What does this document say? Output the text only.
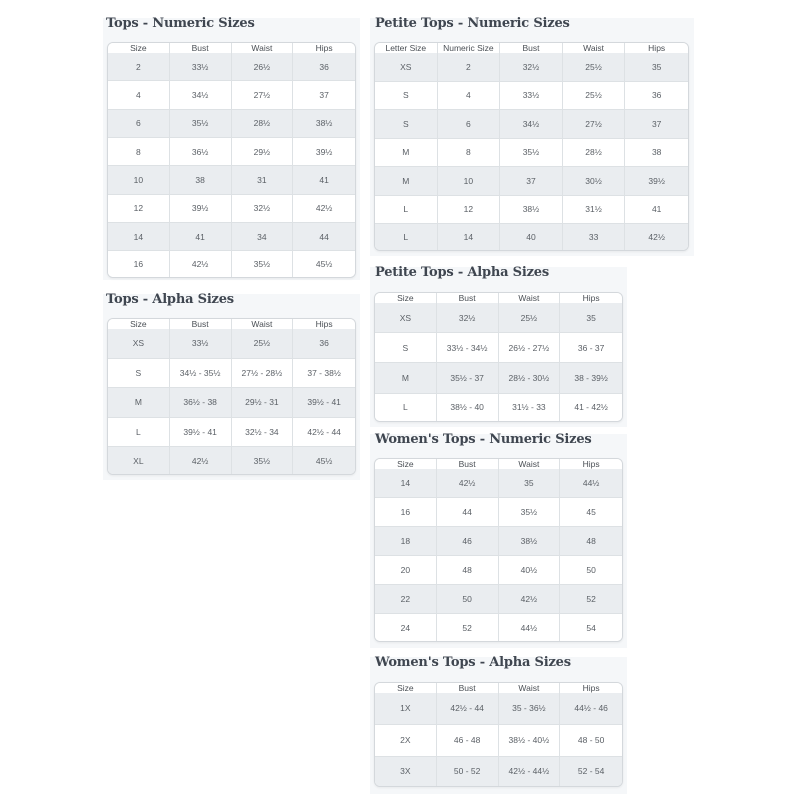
Tops - Numeric Sizes
Size	Bust	Waist	Hips
2	33½	26½	36
4	34½	27½	37
6	35½	28½	38½
8	36½	29½	39½
10	38	31	41
12	39½	32½	42½
14	41	34	44
16	42½	35½	45½
Tops - Alpha Sizes
Size	Bust	Waist	Hips
XS	33½	25½	36
S	34½ - 35½	27½ - 28½	37 - 38½
M	36½ - 38	29½ - 31	39½ - 41
L	39½ - 41	32½ - 34	42½ - 44
XL	42½	35½	45½
Petite Tops - Numeric Sizes
Letter Size	Numeric Size	Bust	Waist	Hips
XS	2	32½	25½	35
S	4	33½	25½	36
S	6	34½	27½	37
M	8	35½	28½	38
M	10	37	30½	39½
L	12	38½	31½	41
L	14	40	33	42½
Petite Tops - Alpha Sizes
Size	Bust	Waist	Hips
XS	32½	25½	35
S	33½ - 34½	26½ - 27½	36 - 37
M	35½ - 37	28½ - 30½	38 - 39½
L	38½ - 40	31½ - 33	41 - 42½
Women's Tops - Numeric Sizes
Size	Bust	Waist	Hips
14	42½	35	44½
16	44	35½	45
18	46	38½	48
20	48	40½	50
22	50	42½	52
24	52	44½	54
Women's Tops - Alpha Sizes
Size	Bust	Waist	Hips
1X	42½ - 44	35 - 36½	44½ - 46
2X	46 - 48	38½ - 40½	48 - 50
3X	50 - 52	42½ - 44½	52 - 54
